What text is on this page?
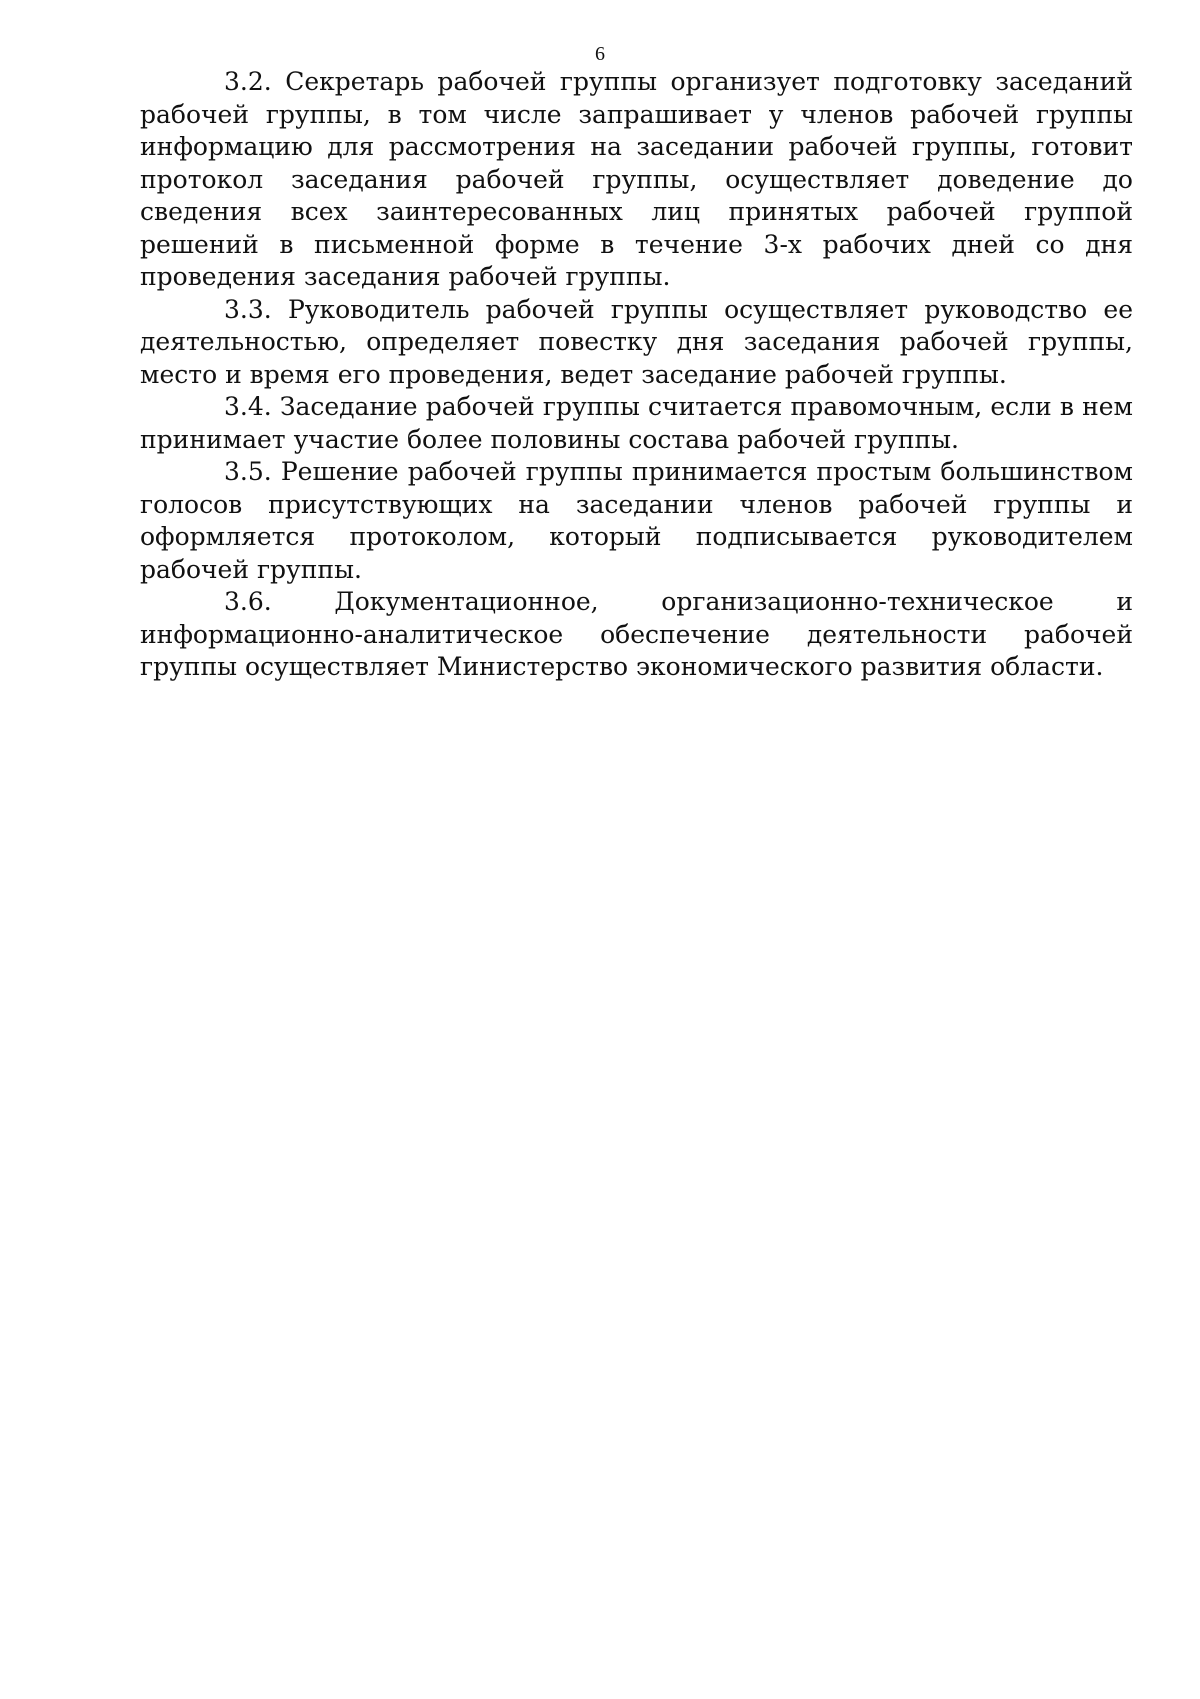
6

3.2. Секретарь рабочей группы организует подготовку заседаний рабочей группы, в том числе запрашивает у членов рабочей группы информацию для рассмотрения на заседании рабочей группы, готовит протокол заседания рабочей группы, осуществляет доведение до сведения всех заинтересованных лиц принятых рабочей группой решений в письменной форме в течение 3-х рабочих дней со дня проведения заседания рабочей группы.

3.3. Руководитель рабочей группы осуществляет руководство ее деятельностью, определяет повестку дня заседания рабочей группы, место и время его проведения, ведет заседание рабочей группы.

3.4. Заседание рабочей группы считается правомочным, если в нем принимает участие более половины состава рабочей группы.

3.5. Решение рабочей группы принимается простым большинством голосов присутствующих на заседании членов рабочей группы и оформляется протоколом, который подписывается руководителем рабочей группы.

3.6.	Документационное, организационно-техническое и информационно-аналитическое обеспечение деятельности рабочей группы осуществляет Министерство экономического развития области.
